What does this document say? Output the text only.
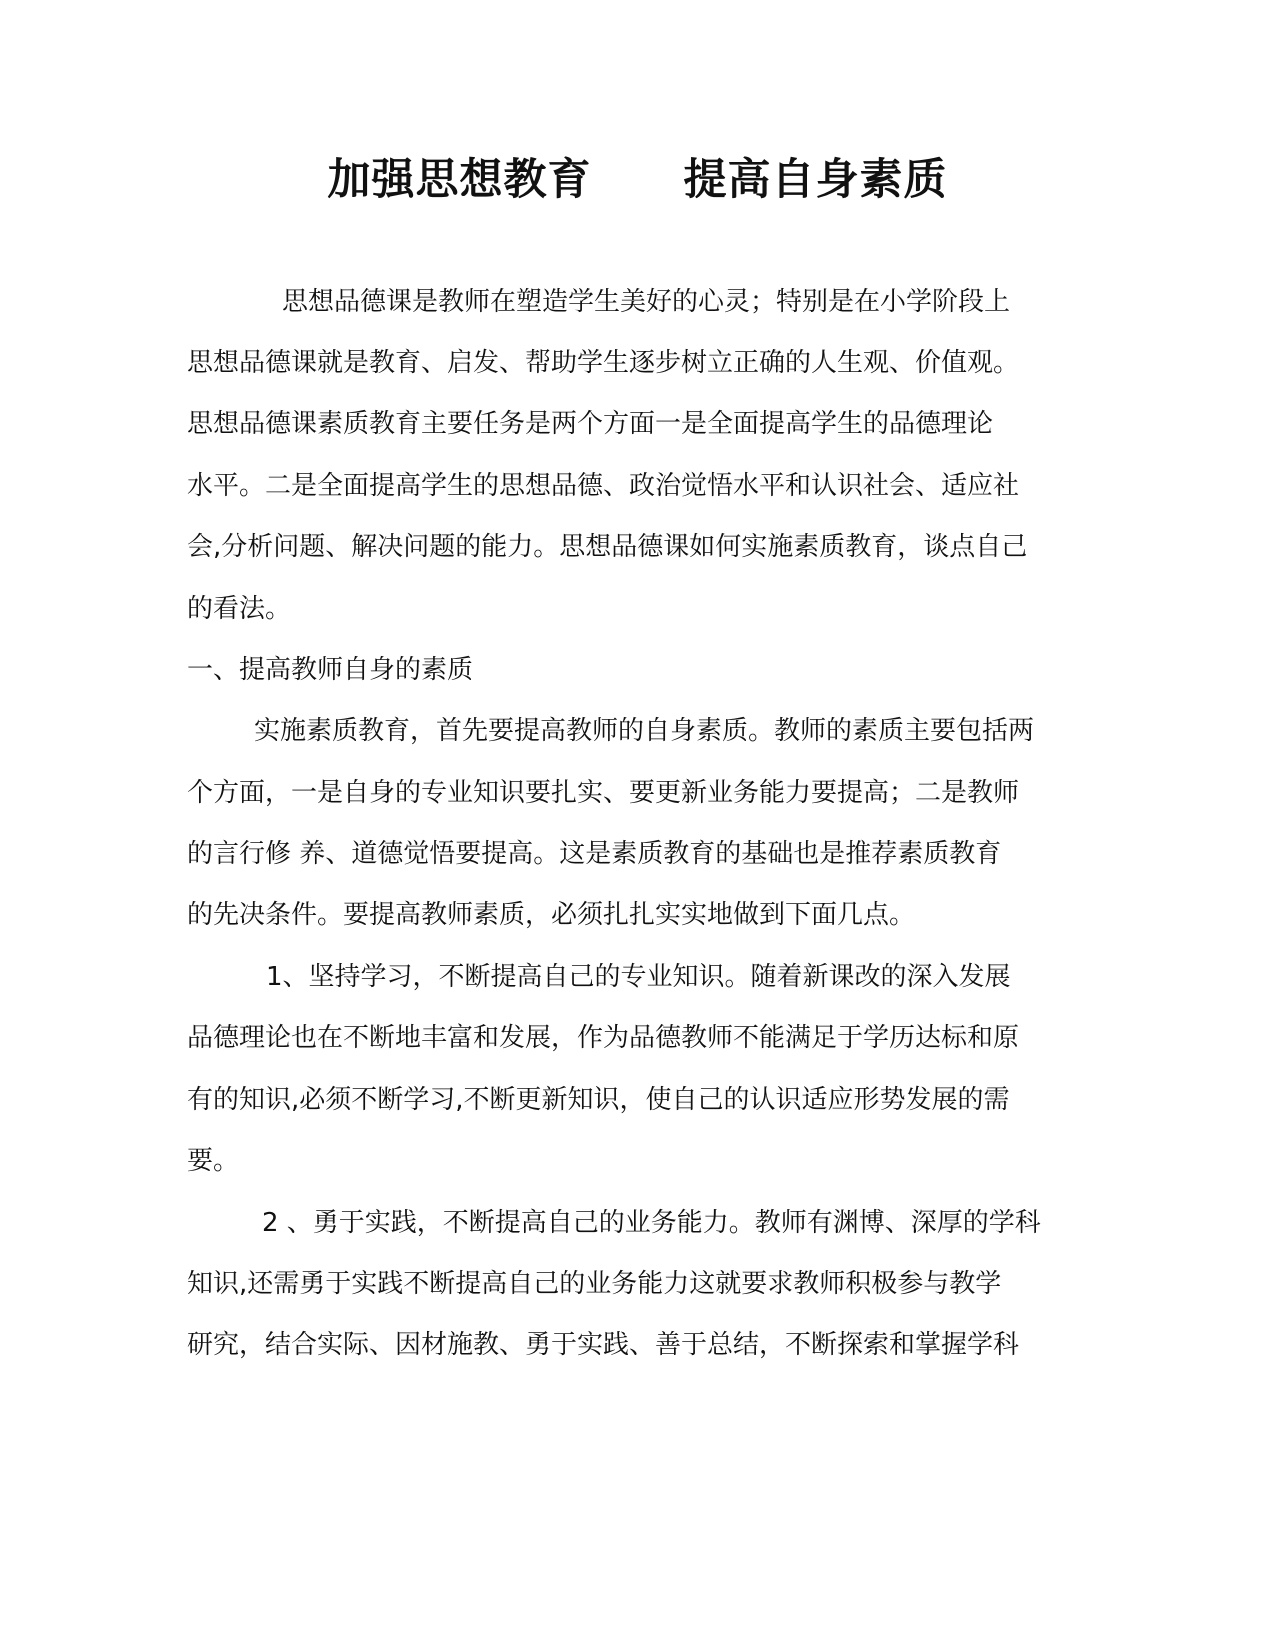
加强思想教育 提高自身素质
思想品德课是教师在塑造学生美好的心灵；特别是在小学阶段上
思想品德课就是教育、启发、帮助学生逐步树立正确的人生观、价值观。
思想品德课素质教育主要任务是两个方面一是全面提高学生的品德理论
水平。二是全面提高学生的思想品德、政治觉悟水平和认识社会、适应社
会,分析问题、解决问题的能力。思想品德课如何实施素质教育，谈点自己
的看法。
一、提高教师自身的素质
实施素质教育，首先要提高教师的自身素质。教师的素质主要包括两
个方面，一是自身的专业知识要扎实、要更新业务能力要提高；二是教师
的言行修 养、道德觉悟要提高。这是素质教育的基础也是推荐素质教育
的先决条件。要提高教师素质，必须扎扎实实地做到下面几点。
1、坚持学习，不断提高自己的专业知识。随着新课改的深入发展
品德理论也在不断地丰富和发展，作为品德教师不能满足于学历达标和原
有的知识,必须不断学习,不断更新知识，使自己的认识适应形势发展的需
要。
2 、勇于实践，不断提高自己的业务能力。教师有渊博、深厚的学科
知识,还需勇于实践不断提高自己的业务能力这就要求教师积极参与教学
研究，结合实际、因材施教、勇于实践、善于总结，不断探索和掌握学科
